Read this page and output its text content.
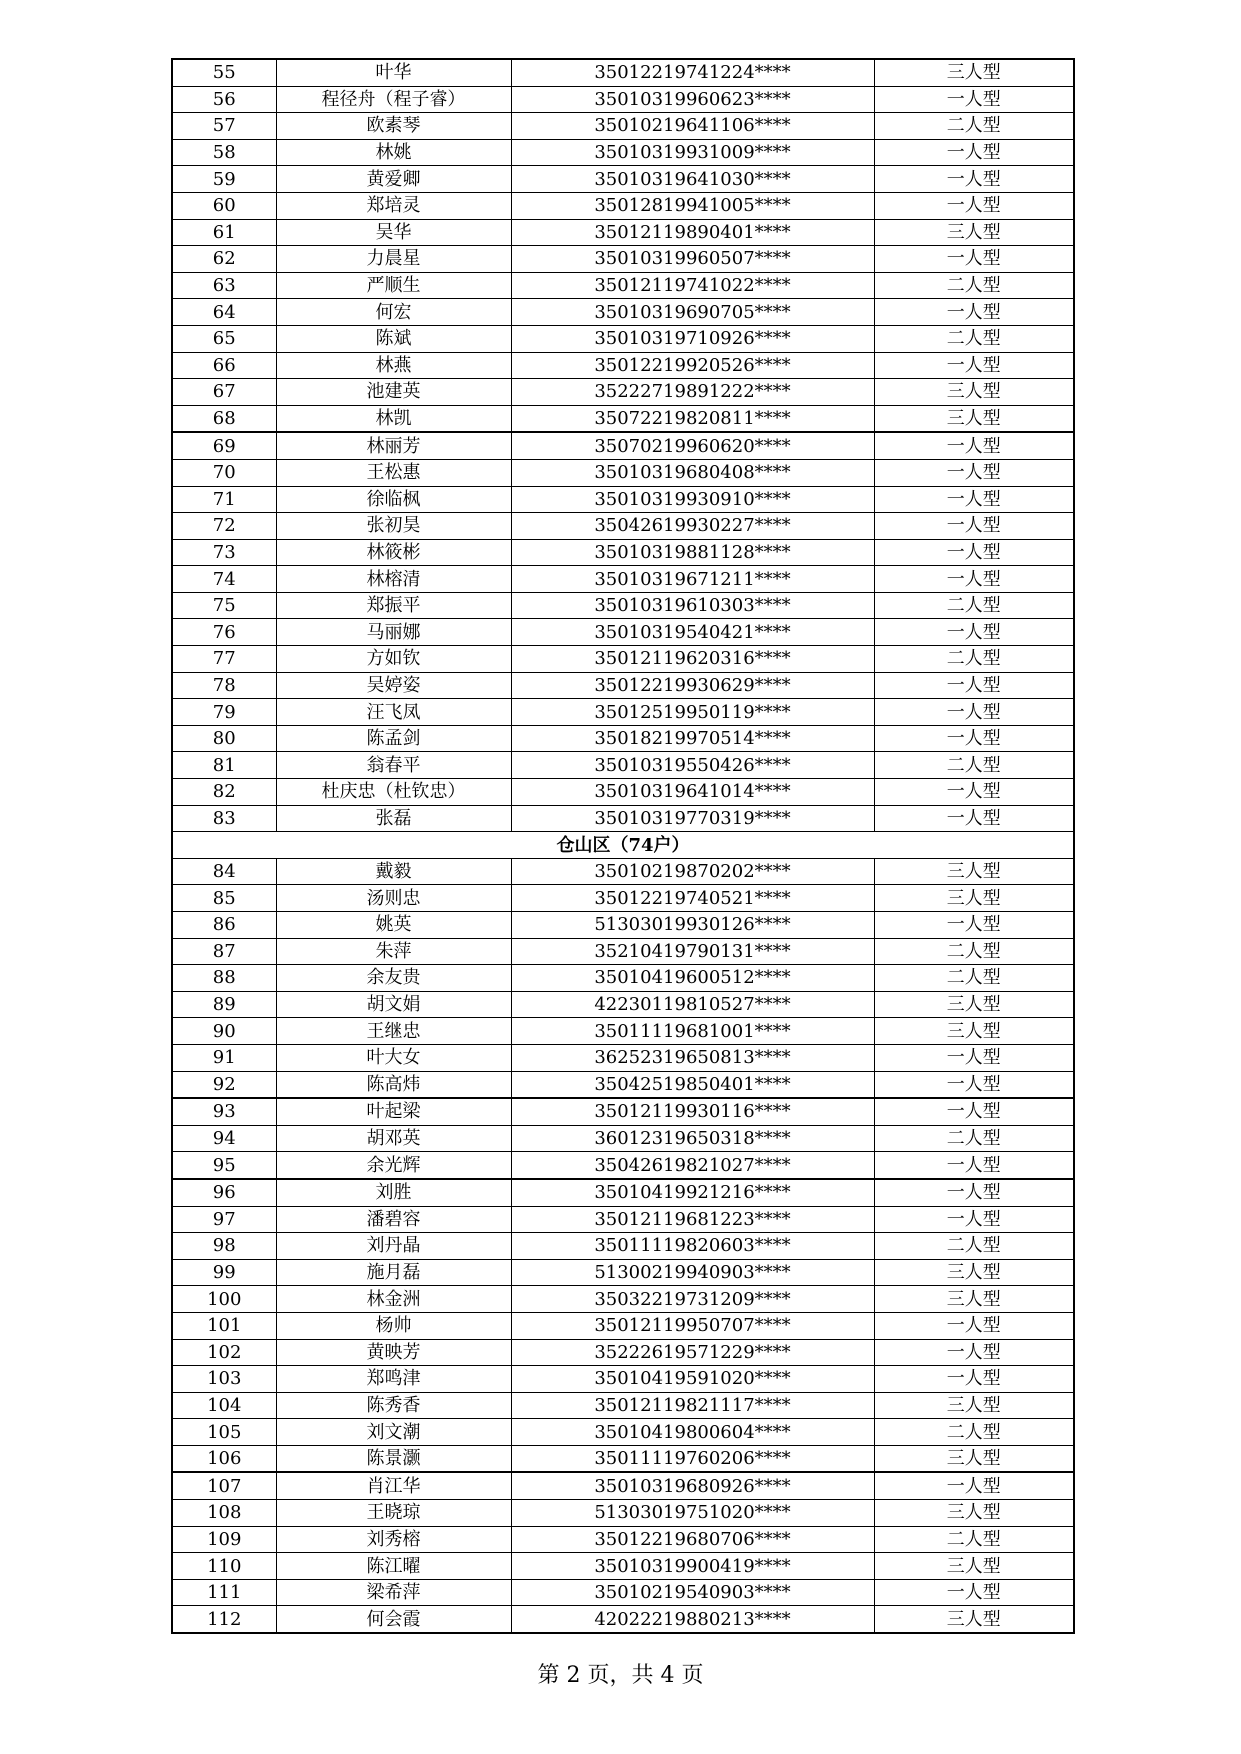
55	叶华	35012219741224****	三人型
56	程径舟（程子睿）	35010319960623****	一人型
57	欧素琴	35010219641106****	二人型
58	林姚	35010319931009****	一人型
59	黄爱卿	35010319641030****	一人型
60	郑培灵	35012819941005****	一人型
61	吴华	35012119890401****	三人型
62	力晨星	35010319960507****	一人型
63	严顺生	35012119741022****	二人型
64	何宏	35010319690705****	一人型
65	陈斌	35010319710926****	二人型
66	林燕	35012219920526****	一人型
67	池建英	35222719891222****	三人型
68	林凯	35072219820811****	三人型
69	林丽芳	35070219960620****	一人型
70	王松惠	35010319680408****	一人型
71	徐临枫	35010319930910****	一人型
72	张初昊	35042619930227****	一人型
73	林筱彬	35010319881128****	一人型
74	林榕清	35010319671211****	一人型
75	郑振平	35010319610303****	二人型
76	马丽娜	35010319540421****	一人型
77	方如钦	35012119620316****	二人型
78	吴婷姿	35012219930629****	一人型
79	汪飞凤	35012519950119****	一人型
80	陈孟剑	35018219970514****	一人型
81	翁春平	35010319550426****	二人型
82	杜庆忠（杜钦忠）	35010319641014****	一人型
83	张磊	35010319770319****	一人型
仓山区（74户）			
84	戴毅	35010219870202****	三人型
85	汤则忠	35012219740521****	三人型
86	姚英	51303019930126****	一人型
87	朱萍	35210419790131****	二人型
88	余友贵	35010419600512****	二人型
89	胡文娟	42230119810527****	三人型
90	王继忠	35011119681001****	三人型
91	叶大女	36252319650813****	一人型
92	陈高炜	35042519850401****	一人型
93	叶起梁	35012119930116****	一人型
94	胡邓英	36012319650318****	二人型
95	余光辉	35042619821027****	一人型
96	刘胜	35010419921216****	一人型
97	潘碧容	35012119681223****	一人型
98	刘丹晶	35011119820603****	二人型
99	施月磊	51300219940903****	三人型
100	林金洲	35032219731209****	三人型
101	杨帅	35012119950707****	一人型
102	黄映芳	35222619571229****	一人型
103	郑鸣津	35010419591020****	一人型
104	陈秀香	35012119821117****	三人型
105	刘文潮	35010419800604****	二人型
106	陈景灏	35011119760206****	三人型
107	肖江华	35010319680926****	一人型
108	王晓琼	51303019751020****	三人型
109	刘秀榕	35012219680706****	二人型
110	陈江曜	35010319900419****	三人型
111	梁希萍	35010219540903****	一人型
112	何会霞	42022219880213****	三人型
第 2 页，共 4 页
